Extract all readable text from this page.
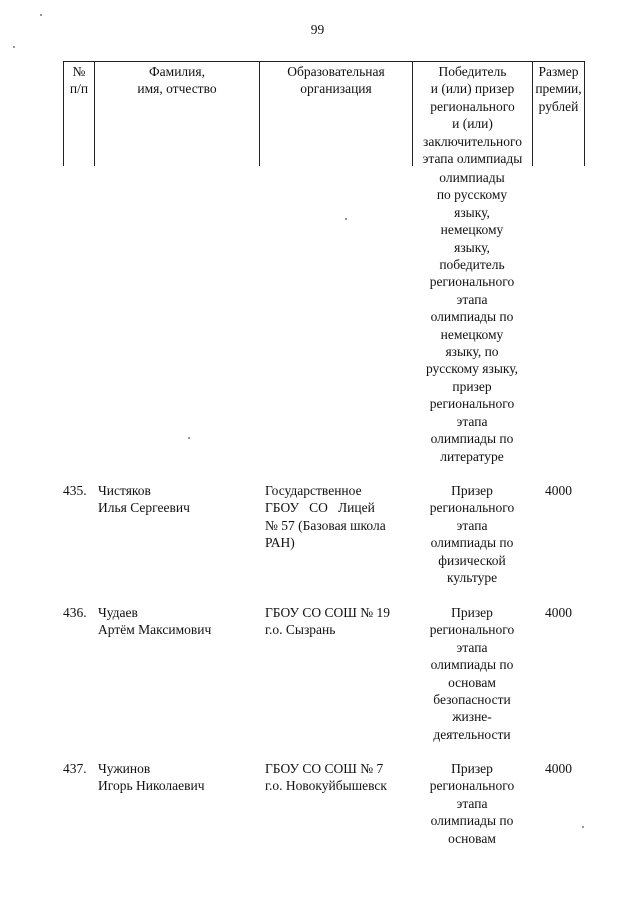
99
№
п/п
Фамилия,
имя, отчество
Образовательная
организация
Победитель
и (или) призер
регионального
и (или)
заключительного
этапа олимпиады
Размер
премии,
рублей
олимпиады
по русскому
языку,
немецкому
языку,
победитель
регионального
этапа
олимпиады по
немецкому
языку, по
русскому языку,
призер
регионального
этапа
олимпиады по
литературе
435. Чистяков
Илья Сергеевич
Государственное
ГБОУ   СО   Лицей
№ 57 (Базовая школа
РАН)
Призер
регионального
этапа
олимпиады по
физической
культуре
4000
436. Чудаев
Артём Максимович
ГБОУ СО СОШ № 19
г.о. Сызрань
Призер
регионального
этапа
олимпиады по
основам
безопасности
жизне-
деятельности
4000
437. Чужинов
Игорь Николаевич
ГБОУ СО СОШ № 7
г.о. Новокуйбышевск
Призер
регионального
этапа
олимпиады по
основам
4000
